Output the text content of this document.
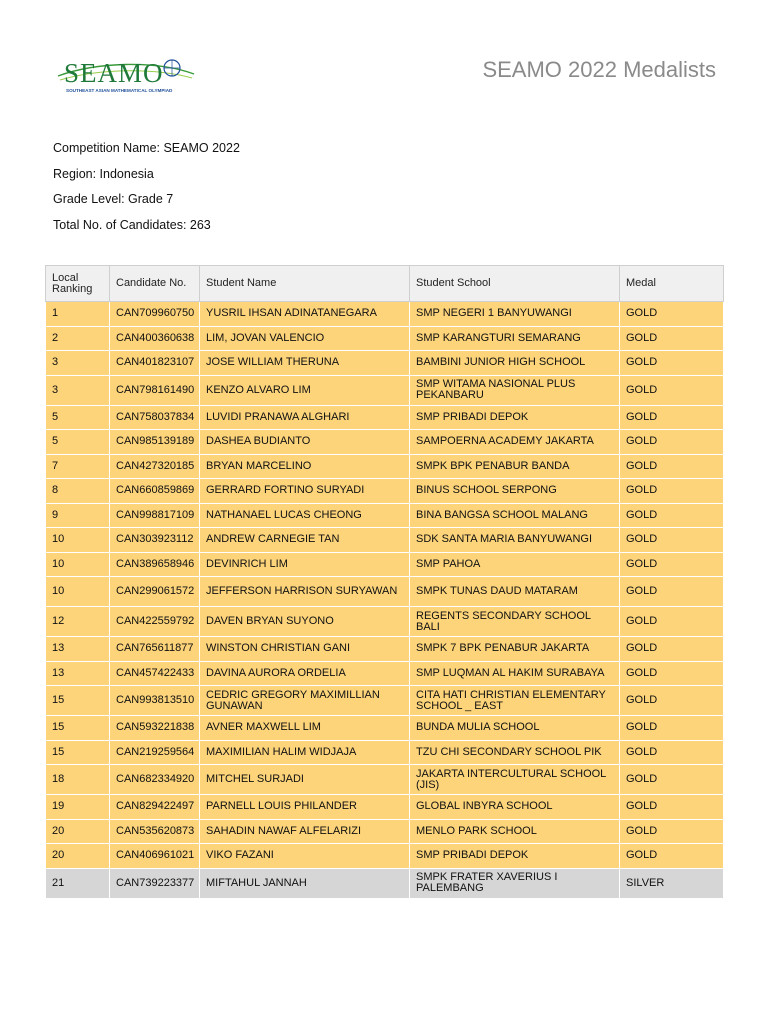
SEAMO
SOUTHEAST ASIAN MATHEMATICAL OLYMPIAD
SEAMO 2022 Medalists
Competition Name: SEAMO 2022
Region: Indonesia
Grade Level: Grade 7
Total No. of Candidates: 263
Local
Ranking	Candidate No.	Student Name	Student School	Medal
1	CAN709960750	YUSRIL IHSAN ADINATANEGARA	SMP NEGERI 1 BANYUWANGI	GOLD
2	CAN400360638	LIM, JOVAN VALENCIO	SMP KARANGTURI SEMARANG	GOLD
3	CAN401823107	JOSE WILLIAM THERUNA	BAMBINI JUNIOR HIGH SCHOOL	GOLD
3	CAN798161490	KENZO ALVARO LIM	SMP WITAMA NASIONAL PLUS PEKANBARU	GOLD
5	CAN758037834	LUVIDI PRANAWA ALGHARI	SMP PRIBADI DEPOK	GOLD
5	CAN985139189	DASHEA BUDIANTO	SAMPOERNA ACADEMY JAKARTA	GOLD
7	CAN427320185	BRYAN MARCELINO	SMPK BPK PENABUR BANDA	GOLD
8	CAN660859869	GERRARD FORTINO SURYADI	BINUS SCHOOL SERPONG	GOLD
9	CAN998817109	NATHANAEL LUCAS CHEONG	BINA BANGSA SCHOOL MALANG	GOLD
10	CAN303923112	ANDREW CARNEGIE TAN	SDK SANTA MARIA BANYUWANGI	GOLD
10	CAN389658946	DEVINRICH LIM	SMP PAHOA	GOLD
10	CAN299061572	JEFFERSON HARRISON SURYAWAN	SMPK TUNAS DAUD MATARAM	GOLD
12	CAN422559792	DAVEN BRYAN SUYONO	REGENTS SECONDARY SCHOOL BALI	GOLD
13	CAN765611877	WINSTON CHRISTIAN GANI	SMPK 7 BPK PENABUR JAKARTA	GOLD
13	CAN457422433	DAVINA AURORA ORDELIA	SMP LUQMAN AL HAKIM SURABAYA	GOLD
15	CAN993813510	CEDRIC GREGORY MAXIMILLIAN GUNAWAN	CITA HATI CHRISTIAN ELEMENTARY SCHOOL _ EAST	GOLD
15	CAN593221838	AVNER MAXWELL LIM	BUNDA MULIA SCHOOL	GOLD
15	CAN219259564	MAXIMILIAN HALIM WIDJAJA	TZU CHI SECONDARY SCHOOL PIK	GOLD
18	CAN682334920	MITCHEL SURJADI	JAKARTA INTERCULTURAL SCHOOL (JIS)	GOLD
19	CAN829422497	PARNELL LOUIS PHILANDER	GLOBAL INBYRA SCHOOL	GOLD
20	CAN535620873	SAHADIN NAWAF ALFELARIZI	MENLO PARK SCHOOL	GOLD
20	CAN406961021	VIKO FAZANI	SMP PRIBADI DEPOK	GOLD
21	CAN739223377	MIFTAHUL JANNAH	SMPK FRATER XAVERIUS I PALEMBANG	SILVER
